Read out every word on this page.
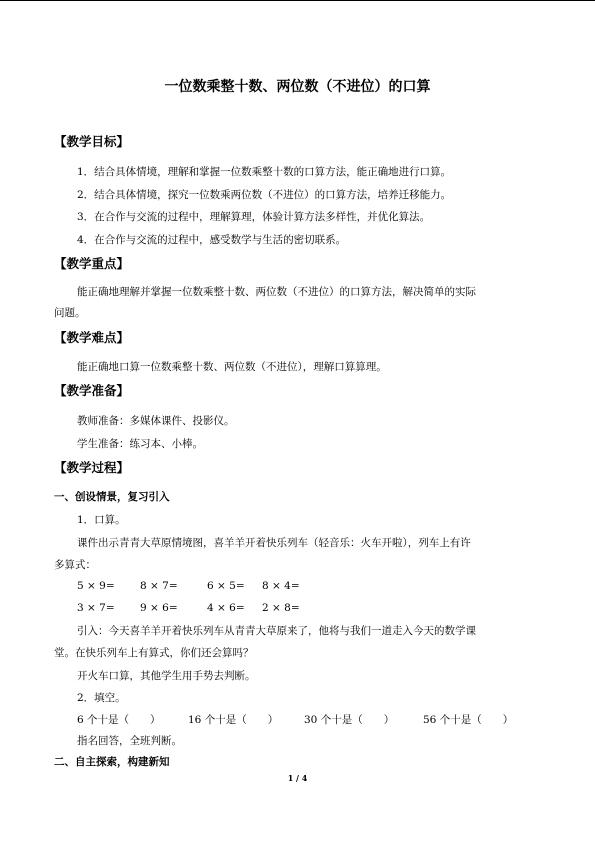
一位数乘整十数、两位数（不进位）的口算
【教学目标】
1．结合具体情境，理解和掌握一位数乘整十数的口算方法，能正确地进行口算。
2．结合具体情境，探究一位数乘两位数（不进位）的口算方法，培养迁移能力。
3．在合作与交流的过程中，理解算理，体验计算方法多样性，并优化算法。
4．在合作与交流的过程中，感受数学与生活的密切联系。
【教学重点】
能正确地理解并掌握一位数乘整十数、两位数（不进位）的口算方法，解决简单的实际
问题。
【教学难点】
能正确地口算一位数乘整十数、两位数（不进位），理解口算算理。
【教学准备】
教师准备：多媒体课件、投影仪。
学生准备：练习本、小棒。
【教学过程】
一、创设情景，复习引入
1．口算。
课件出示青青大草原情境图，喜羊羊开着快乐列车（轻音乐：火车开啦），列车上有许
多算式：
5 × 9= 8 × 7=	6 × 5= 8 × 4=
3 × 7= 9 × 6=	4 × 6= 2 × 8=
引入：今天喜羊羊开着快乐列车从青青大草原来了，他将与我们一道走入今天的数学课
堂。在快乐列车上有算式，你们还会算吗？
开火车口算，其他学生用手势去判断。
2．填空。
6 个十是（　　）	16 个十是（　　） 30 个十是（　　）	56 个十是（　　）
指名回答，全班判断。
二、自主探索，构建新知
1 / 4
